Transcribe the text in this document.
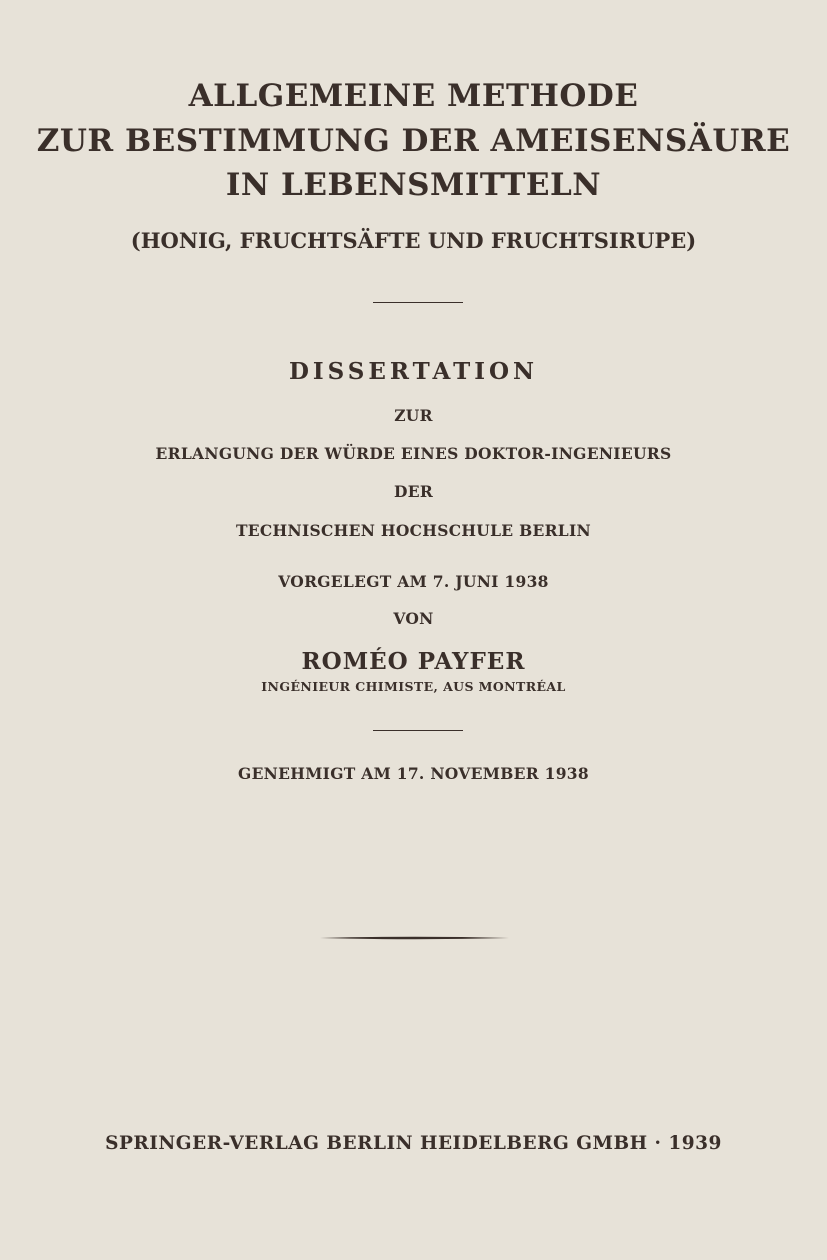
ALLGEMEINE METHODE
ZUR BESTIMMUNG DER AMEISENSÄURE
IN LEBENSMITTELN
(HONIG, FRUCHTSÄFTE UND FRUCHTSIRUPE)
DISSERTATION
ZUR
ERLANGUNG DER WÜRDE EINES DOKTOR-INGENIEURS
DER
TECHNISCHEN HOCHSCHULE BERLIN
VORGELEGT AM 7. JUNI 1938
VON
ROMÉO PAYFER
INGÉNIEUR CHIMISTE, AUS MONTRÉAL
GENEHMIGT AM 17. NOVEMBER 1938
SPRINGER-VERLAG BERLIN HEIDELBERG GMBH · 1939
